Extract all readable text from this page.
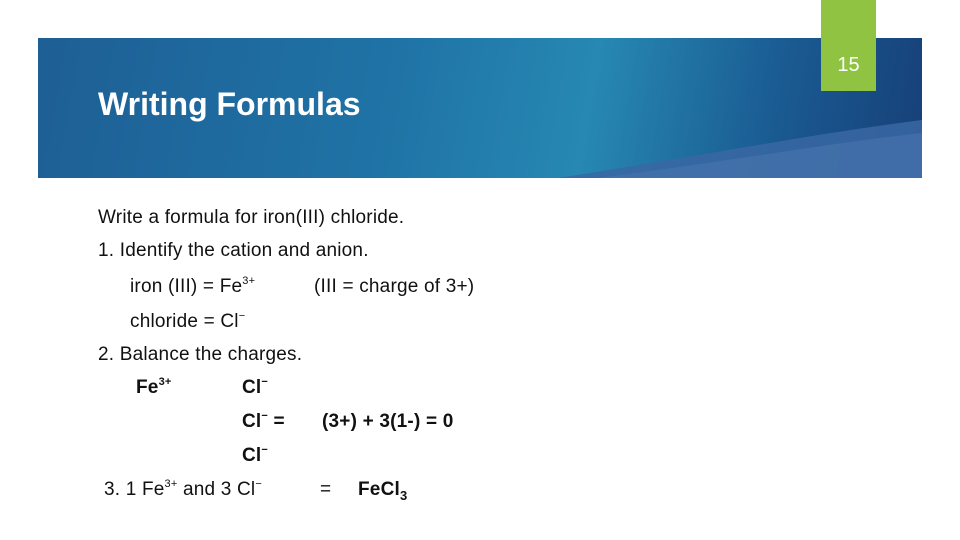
15
Writing Formulas
Write a formula for iron(III) chloride.
1. Identify the cation and anion.
iron $(III) = Fe^{3+}$	(III = charge of 3+)
chloride = Cl−
2. Balance the charges.
$Fe^{3+}$	Cl−
Cl− = (3+) + 3(1-) = 0
Cl−
3. 1 $Fe^{3+}$ and 3 Cl−	= FeCl$_3$
